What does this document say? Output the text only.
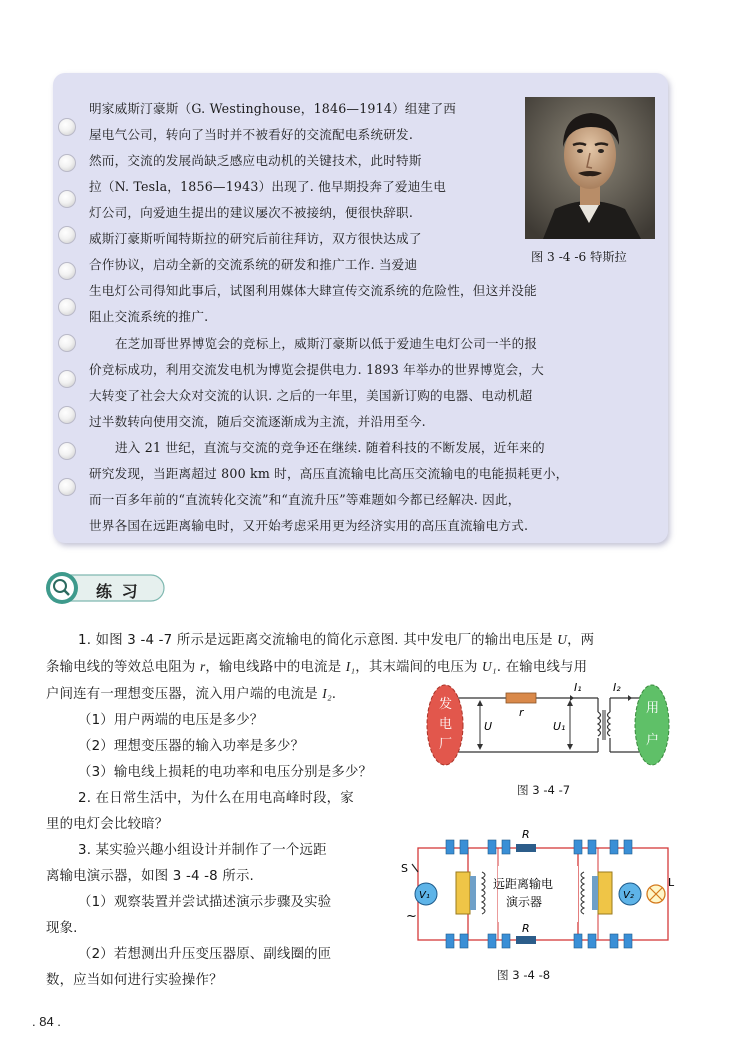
明家威斯汀豪斯（G. Westinghouse，1846—1914）组建了西
屋电气公司，转向了当时并不被看好的交流配电系统研发.
然而，交流的发展尚缺乏感应电动机的关键技术，此时特斯
拉（N. Tesla，1856—1943）出现了. 他早期投奔了爱迪生电
灯公司，向爱迪生提出的建议屡次不被接纳，便很快辞职.
威斯汀豪斯听闻特斯拉的研究后前往拜访，双方很快达成了
合作协议，启动全新的交流系统的研发和推广工作. 当爱迪
生电灯公司得知此事后，试图利用媒体大肆宣传交流系统的危险性，但这并没能
阻止交流系统的推广.
在芝加哥世界博览会的竞标上，威斯汀豪斯以低于爱迪生电灯公司一半的报
价竞标成功，利用交流发电机为博览会提供电力. 1893 年举办的世界博览会，大
大转变了社会大众对交流的认识. 之后的一年里，美国新订购的电器、电动机超
过半数转向使用交流，随后交流逐渐成为主流，并沿用至今.
进入 21 世纪，直流与交流的竞争还在继续. 随着科技的不断发展，近年来的
研究发现，当距离超过 800 km 时，高压直流输电比高压交流输电的电能损耗更小，
而一百多年前的“直流转化交流”和“直流升压”等难题如今都已经解决. 因此，
世界各国在远距离输电时，又开始考虑采用更为经济实用的高压直流输电方式.
图 3 -4 -6 特斯拉
练 习
1. 如图 3 -4 -7 所示是远距离交流输电的简化示意图. 其中发电厂的输出电压是 U，两
条输电线的等效总电阻为 r，输电线路中的电流是 I₁，其末端间的电压为 U₁. 在输电线与用
户间连有一理想变压器，流入用户端的电流是 I₂.
（1）用户两端的电压是多少？
（2）理想变压器的输入功率是多少？
（3）输电线上损耗的电功率和电压分别是多少？
2. 在日常生活中，为什么在用电高峰时段，家
里的电灯会比较暗？
3. 某实验兴趣小组设计并制作了一个远距
离输电演示器，如图 3 -4 -8 所示.
（1）观察装置并尝试描述演示步骤及实验
现象.
（2）若想测出升压变压器原、副线圈的匝
数，应当如何进行实验操作？
发
电
厂
用
户
U
r
U₁
I₁	I₂
图 3 -4 -7
远距离输电
演示器
R
R
S
V₁	V₂
L
~
图 3 -4 -8
. 84 .
